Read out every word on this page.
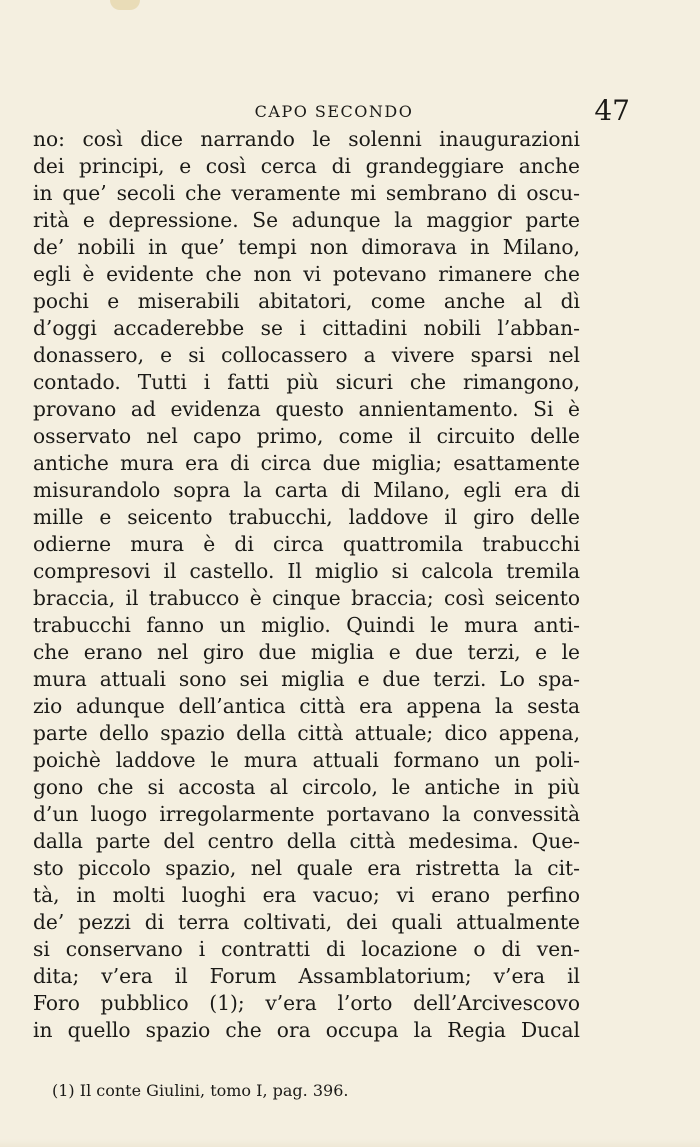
CAPO SECONDO	47
no: così dice narrando le solenni inaugurazioni
dei principi, e così cerca di grandeggiare anche
in que’ secoli che veramente mi sembrano di oscu-
rità e depressione. Se adunque la maggior parte
de’ nobili in que’ tempi non dimorava in Milano,
egli è evidente che non vi potevano rimanere che
pochi e miserabili abitatori, come anche al dì
d’oggi accaderebbe se i cittadini nobili l’abban-
donassero, e si collocassero a vivere sparsi nel
contado. Tutti i fatti più sicuri che rimangono,
provano ad evidenza questo annientamento. Si è
osservato nel capo primo, come il circuito delle
antiche mura era di circa due miglia; esattamente
misurandolo sopra la carta di Milano, egli era di
mille e seicento trabucchi, laddove il giro delle
odierne mura è di circa quattromila trabucchi
compresovi il castello. Il miglio si calcola tremila
braccia, il trabucco è cinque braccia; così seicento
trabucchi fanno un miglio. Quindi le mura anti-
che erano nel giro due miglia e due terzi, e le
mura attuali sono sei miglia e due terzi. Lo spa-
zio adunque dell’antica città era appena la sesta
parte dello spazio della città attuale; dico appena,
poichè laddove le mura attuali formano un poli-
gono che si accosta al circolo, le antiche in più
d’un luogo irregolarmente portavano la convessità
dalla parte del centro della città medesima. Que-
sto piccolo spazio, nel quale era ristretta la cit-
tà, in molti luoghi era vacuo; vi erano perfino
de’ pezzi di terra coltivati, dei quali attualmente
si conservano i contratti di locazione o di ven-
dita; v’era il Forum Assamblatorium; v’era il
Foro pubblico (1); v’era l’orto dell’Arcivescovo
in quello spazio che ora occupa la Regia Ducal
(1) Il conte Giulini, tomo I, pag. 396.
